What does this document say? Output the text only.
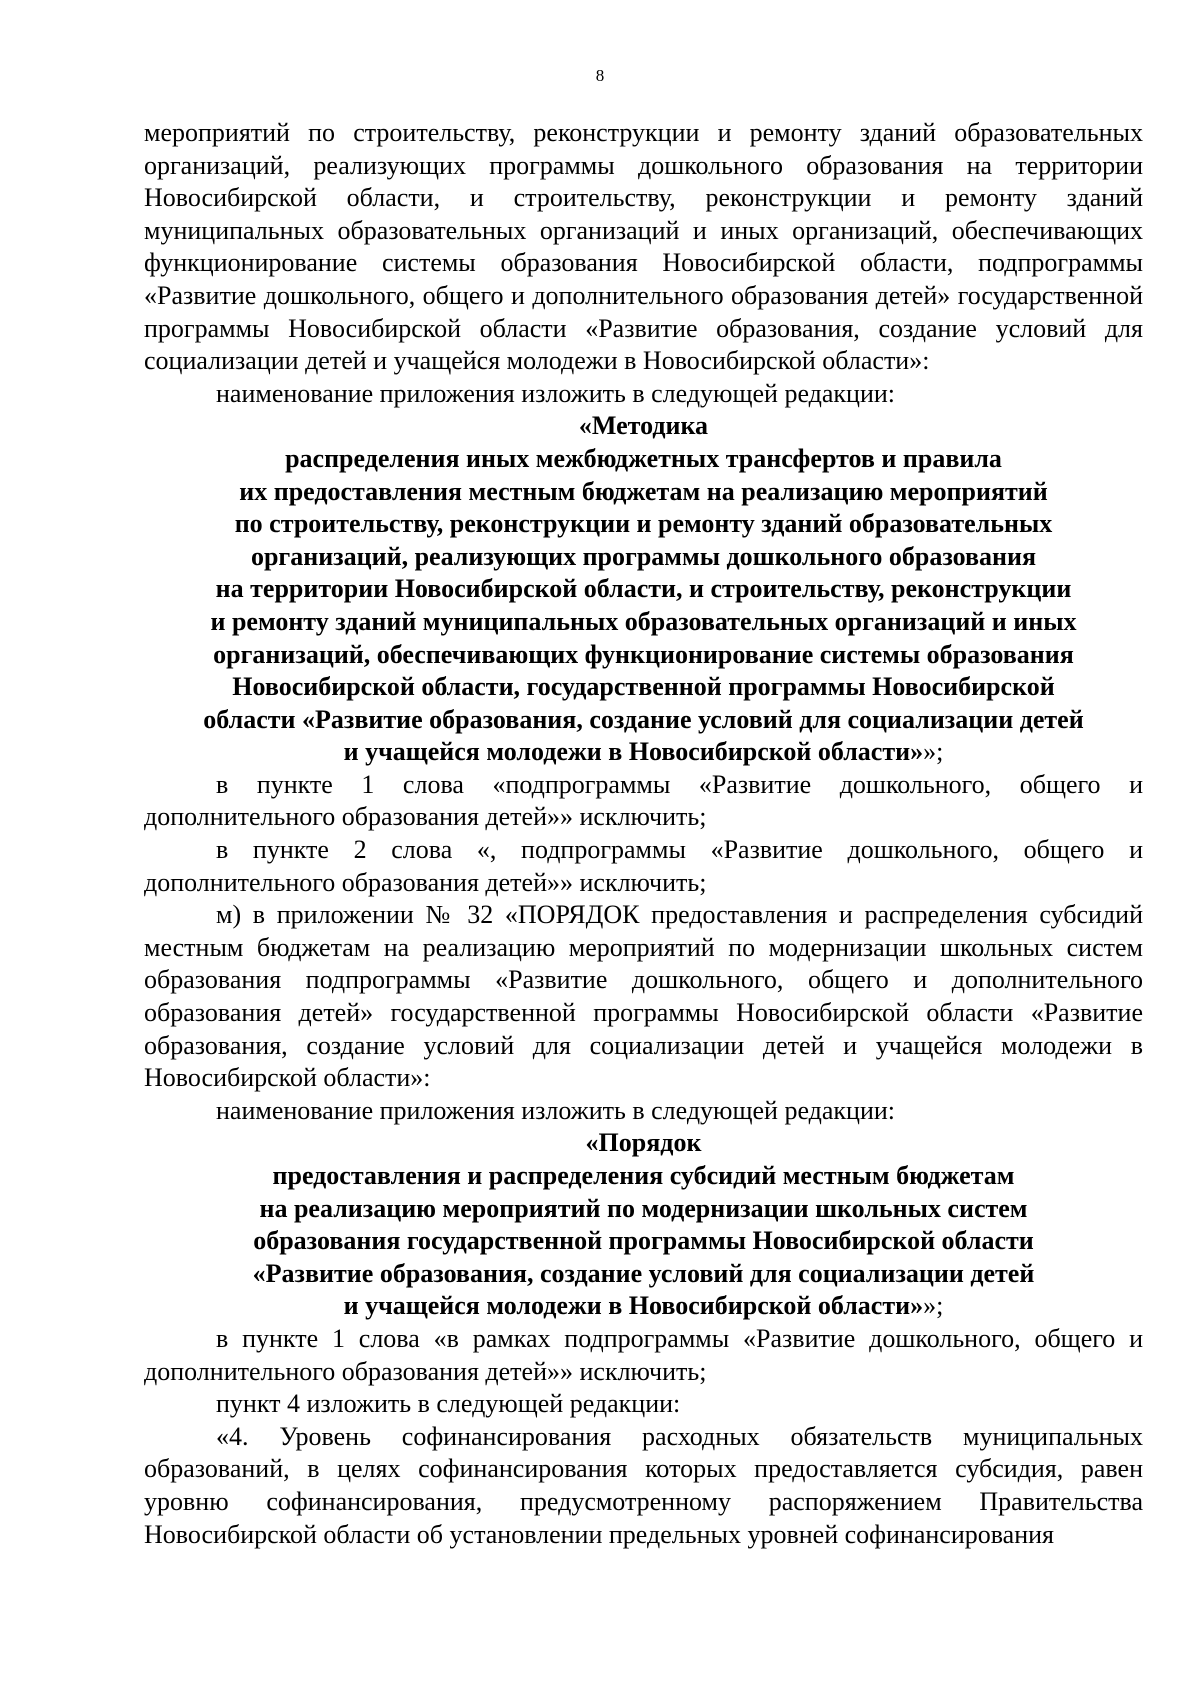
8

мероприятий по строительству, реконструкции и ремонту зданий образовательных организаций, реализующих программы дошкольного образования на территории Новосибирской области, и строительству, реконструкции и ремонту зданий муниципальных образовательных организаций и иных организаций, обеспечивающих функционирование системы образования Новосибирской области, подпрограммы «Развитие дошкольного, общего и дополнительного образования детей» государственной программы Новосибирской области «Развитие образования, создание условий для социализации детей и учащейся молодежи в Новосибирской области»:

наименование приложения изложить в следующей редакции:

«Методика
распределения иных межбюджетных трансфертов и правила
их предоставления местным бюджетам на реализацию мероприятий
по строительству, реконструкции и ремонту зданий образовательных
организаций, реализующих программы дошкольного образования
на территории Новосибирской области, и строительству, реконструкции
и ремонту зданий муниципальных образовательных организаций и иных
организаций, обеспечивающих функционирование системы образования
Новосибирской области, государственной программы Новосибирской
области «Развитие образования, создание условий для социализации детей
и учащейся молодежи в Новосибирской области»»;

в пункте 1 слова «подпрограммы «Развитие дошкольного, общего и дополнительного образования детей»» исключить;

в пункте 2 слова «, подпрограммы «Развитие дошкольного, общего и дополнительного образования детей»» исключить;

м) в приложении № 32 «ПОРЯДОК предоставления и распределения субсидий местным бюджетам на реализацию мероприятий по модернизации школьных систем образования подпрограммы «Развитие дошкольного, общего и дополнительного образования детей» государственной программы Новосибирской области «Развитие образования, создание условий для социализации детей и учащейся молодежи в Новосибирской области»:

наименование приложения изложить в следующей редакции:

«Порядок
предоставления и распределения субсидий местным бюджетам
на реализацию мероприятий по модернизации школьных систем
образования государственной программы Новосибирской области
«Развитие образования, создание условий для социализации детей
и учащейся молодежи в Новосибирской области»»;

в пункте 1 слова «в рамках подпрограммы «Развитие дошкольного, общего и дополнительного образования детей»» исключить;

пункт 4 изложить в следующей редакции:

«4. Уровень софинансирования расходных обязательств муниципальных образований, в целях софинансирования которых предоставляется субсидия, равен уровню софинансирования, предусмотренному распоряжением Правительства Новосибирской области об установлении предельных уровней софинансирования
